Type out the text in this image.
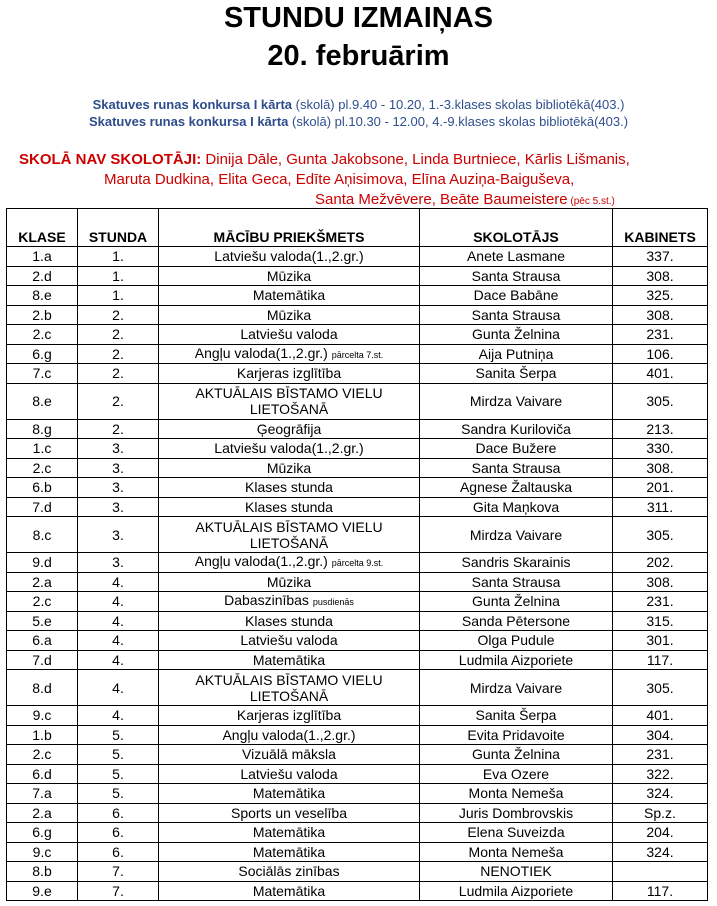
STUNDU IZMAIŅAS
20. februārim
Skatuves runas konkursa I kārta (skolā) pl.9.40 - 10.20, 1.-3.klases skolas bibliotēkā(403.)
Skatuves runas konkursa I kārta (skolā) pl.10.30 - 12.00, 4.-9.klases skolas bibliotēkā(403.)
SKOLĀ NAV SKOLOTĀJI: Dinija Dāle, Gunta Jakobsone, Linda Burtniece, Kārlis Lišmanis,
Maruta Dudkina, Elita Geca, Edīte Aņisimova, Elīna Auziņa-Baiguševa,
Santa Mežvēvere, Beāte Baumeistere (pēc 5.st.)
KLASE	STUNDA	MĀCĪBU PRIEKŠMETS	SKOLOTĀJS	KABINETS
1.a	1.	Latviešu valoda(1.,2.gr.)	Anete Lasmane	337.
2.d	1.	Mūzika	Santa Strausa	308.
8.e	1.	Matemātika	Dace Babāne	325.
2.b	2.	Mūzika	Santa Strausa	308.
2.c	2.	Latviešu valoda	Gunta Želnina	231.
6.g	2.	Angļu valoda(1.,2.gr.) pārcelta 7.st.	Aija Putniņa	106.
7.c	2.	Karjeras izglītība	Sanita Šerpa	401.
8.e	2.	AKTUĀLAIS BĪSTAMO VIELU LIETOŠANĀ	Mirdza Vaivare	305.
8.g	2.	Ģeogrāfija	Sandra Kuriloviča	213.
1.c	3.	Latviešu valoda(1.,2.gr.)	Dace Bužere	330.
2.c	3.	Mūzika	Santa Strausa	308.
6.b	3.	Klases stunda	Agnese Žaltauska	201.
7.d	3.	Klases stunda	Gita Maņkova	311.
8.c	3.	AKTUĀLAIS BĪSTAMO VIELU LIETOŠANĀ	Mirdza Vaivare	305.
9.d	3.	Angļu valoda(1.,2.gr.) pārcelta 9.st.	Sandris Skarainis	202.
2.a	4.	Mūzika	Santa Strausa	308.
2.c	4.	Dabaszinības pusdienās	Gunta Želnina	231.
5.e	4.	Klases stunda	Sanda Pētersone	315.
6.a	4.	Latviešu valoda	Olga Pudule	301.
7.d	4.	Matemātika	Ludmila Aizporiete	117.
8.d	4.	AKTUĀLAIS BĪSTAMO VIELU LIETOŠANĀ	Mirdza Vaivare	305.
9.c	4.	Karjeras izglītība	Sanita Šerpa	401.
1.b	5.	Angļu valoda(1.,2.gr.)	Evita Pridavoite	304.
2.c	5.	Vizuālā māksla	Gunta Želnina	231.
6.d	5.	Latviešu valoda	Eva Ozere	322.
7.a	5.	Matemātika	Monta Nemeša	324.
2.a	6.	Sports un veselība	Juris Dombrovskis	Sp.z.
6.g	6.	Matemātika	Elena Suveizda	204.
9.c	6.	Matemātika	Monta Nemeša	324.
8.b	7.	Sociālās zinības	NENOTIEK	
9.e	7.	Matemātika	Ludmila Aizporiete	117.
